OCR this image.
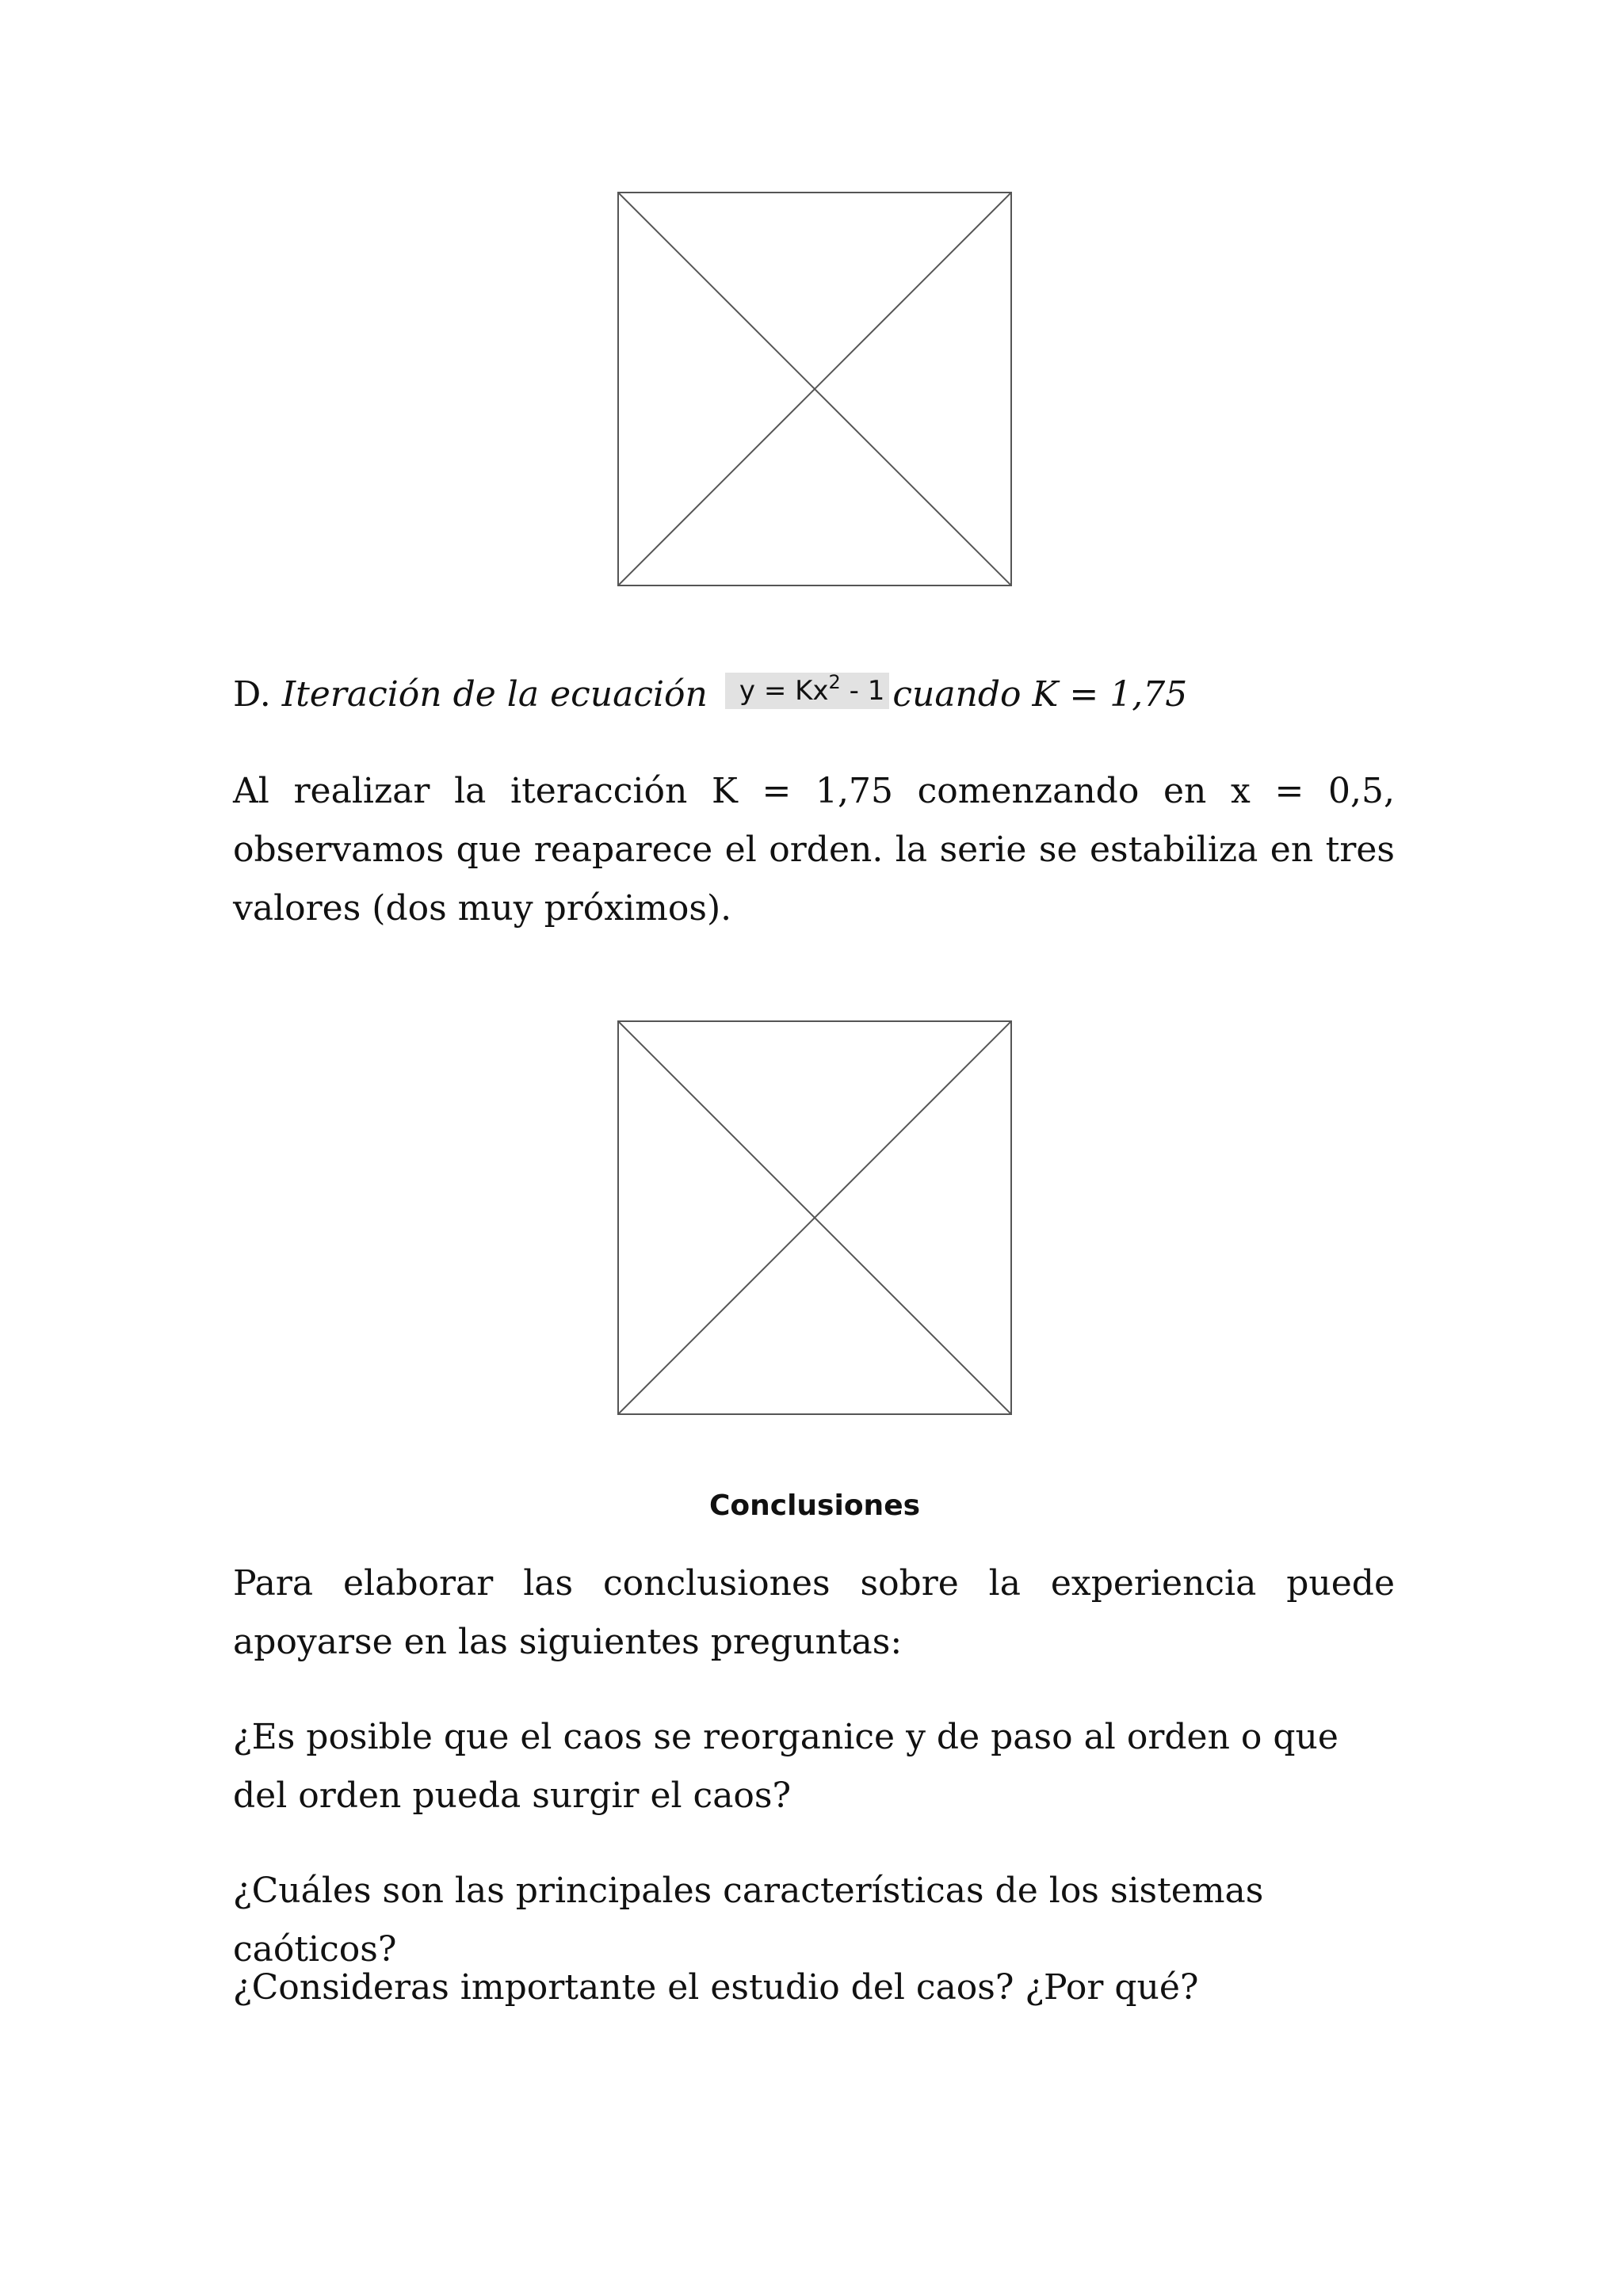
D. Iteración de la ecuación $y = Kx^2 - 1$ cuando K = 1,75

Al realizar la iteracción K = 1,75 comenzando en x = 0,5, observamos que reaparece el orden. la serie se estabiliza en tres valores (dos muy próximos).

Conclusiones

Para elaborar las conclusiones sobre la experiencia puede apoyarse en las siguientes preguntas:

¿Es posible que el caos se reorganice y de paso al orden o que del orden pueda surgir el caos?

¿Cuáles son las principales características de los sistemas caóticos?

¿Consideras importante el estudio del caos? ¿Por qué?
